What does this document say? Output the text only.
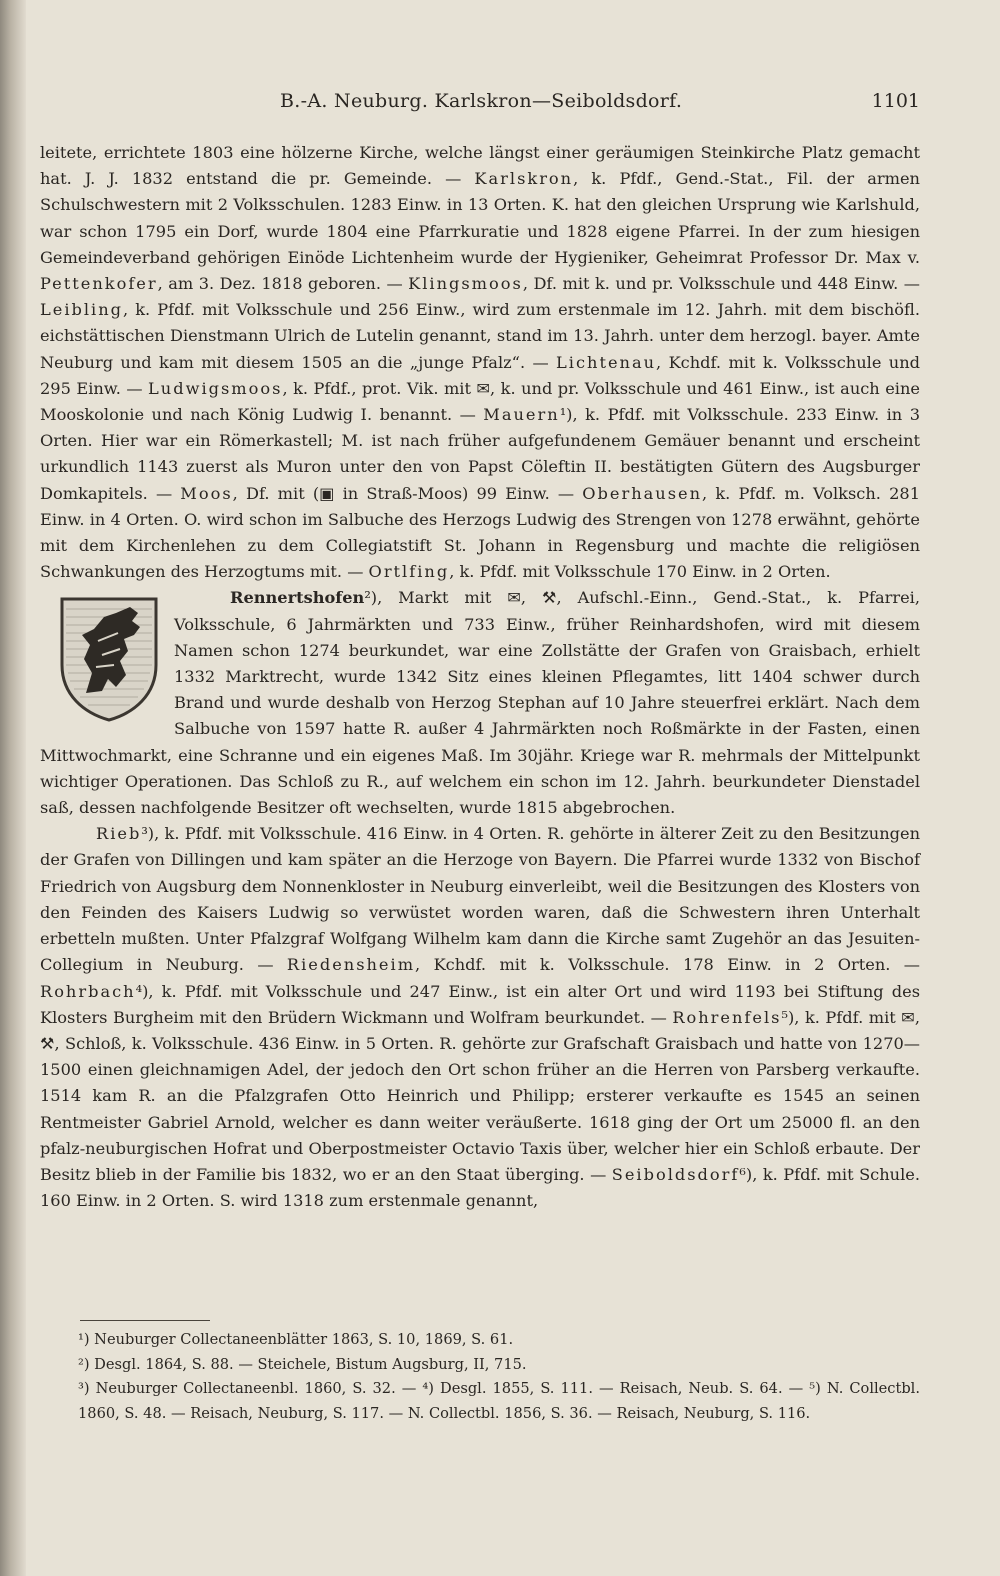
B.-A. Neuburg. Karlskron—Seiboldsdorf.	1101

leitete, errichtete 1803 eine hölzerne Kirche, welche längst einer geräumigen Steinkirche Platz gemacht hat. J. J. 1832 entstand die pr. Gemeinde. — Karlskron, k. Pfdf., Gend.-Stat., Fil. der armen Schulschwestern mit 2 Volksschulen. 1283 Einw. in 13 Orten. K. hat den gleichen Ursprung wie Karlshuld, war schon 1795 ein Dorf, wurde 1804 eine Pfarrkuratie und 1828 eigene Pfarrei. In der zum hiesigen Gemeindeverband gehörigen Einöde Lichtenheim wurde der Hygieniker, Geheimrat Professor Dr. Max v. Pettenkofer, am 3. Dez. 1818 geboren. — Klingsmoos, Df. mit k. und pr. Volksschule und 448 Einw. — Leibling, k. Pfdf. mit Volksschule und 256 Einw., wird zum erstenmale im 12. Jahrh. mit dem bischöfl. eichstättischen Dienstmann Ulrich de Lutelin genannt, stand im 13. Jahrh. unter dem herzogl. bayer. Amte Neuburg und kam mit diesem 1505 an die „junge Pfalz“. — Lichtenau, Kchdf. mit k. Volksschule und 295 Einw. — Ludwigsmoos, k. Pfdf., prot. Vik. mit ✉, k. und pr. Volksschule und 461 Einw., ist auch eine Mooskolonie und nach König Ludwig I. benannt. — Mauern¹), k. Pfdf. mit Volksschule. 233 Einw. in 3 Orten. Hier war ein Römerkastell; M. ist nach früher aufgefundenem Gemäuer benannt und erscheint urkundlich 1143 zuerst als Muron unter den von Papst Cöleftin II. bestätigten Gütern des Augsburger Domkapitels. — Moos, Df. mit (▣ in Straß-Moos) 99 Einw. — Oberhausen, k. Pfdf. m. Volksch. 281 Einw. in 4 Orten. O. wird schon im Salbuche des Herzogs Ludwig des Strengen von 1278 erwähnt, gehörte mit dem Kirchenlehen zu dem Collegiatstift St. Johann in Regensburg und machte die religiösen Schwankungen des Herzogtums mit. — Ortlfing, k. Pfdf. mit Volksschule 170 Einw. in 2 Orten.

Rennertshofen²), Markt mit ✉, ⚒, Aufschl.-Einn., Gend.-Stat., k. Pfarrei, Volksschule, 6 Jahrmärkten und 733 Einw., früher Reinhardshofen, wird mit diesem Namen schon 1274 beurkundet, war eine Zollstätte der Grafen von Graisbach, erhielt 1332 Marktrecht, wurde 1342 Sitz eines kleinen Pflegamtes, litt 1404 schwer durch Brand und wurde deshalb von Herzog Stephan auf 10 Jahre steuerfrei erklärt. Nach dem Salbuche von 1597 hatte R. außer 4 Jahrmärkten noch Roßmärkte in der Fasten, einen Mittwochmarkt, eine Schranne und ein eigenes Maß. Im 30jähr. Kriege war R. mehrmals der Mittelpunkt wichtiger Operationen. Das Schloß zu R., auf welchem ein schon im 12. Jahrh. beurkundeter Dienstadel saß, dessen nachfolgende Besitzer oft wechselten, wurde 1815 abgebrochen.

Rieb³), k. Pfdf. mit Volksschule. 416 Einw. in 4 Orten. R. gehörte in älterer Zeit zu den Besitzungen der Grafen von Dillingen und kam später an die Herzoge von Bayern. Die Pfarrei wurde 1332 von Bischof Friedrich von Augsburg dem Nonnenkloster in Neuburg einverleibt, weil die Besitzungen des Klosters von den Feinden des Kaisers Ludwig so verwüstet worden waren, daß die Schwestern ihren Unterhalt erbetteln mußten. Unter Pfalzgraf Wolfgang Wilhelm kam dann die Kirche samt Zugehör an das Jesuiten-Collegium in Neuburg. — Riedensheim, Kchdf. mit k. Volksschule. 178 Einw. in 2 Orten. — Rohrbach⁴), k. Pfdf. mit Volksschule und 247 Einw., ist ein alter Ort und wird 1193 bei Stiftung des Klosters Burgheim mit den Brüdern Wickmann und Wolfram beurkundet. — Rohrenfels⁵), k. Pfdf. mit ✉, ⚒, Schloß, k. Volksschule. 436 Einw. in 5 Orten. R. gehörte zur Grafschaft Graisbach und hatte von 1270—1500 einen gleichnamigen Adel, der jedoch den Ort schon früher an die Herren von Parsberg verkaufte. 1514 kam R. an die Pfalzgrafen Otto Heinrich und Philipp; ersterer verkaufte es 1545 an seinen Rentmeister Gabriel Arnold, welcher es dann weiter veräußerte. 1618 ging der Ort um 25000 fl. an den pfalz-neuburgischen Hofrat und Oberpostmeister Octavio Taxis über, welcher hier ein Schloß erbaute. Der Besitz blieb in der Familie bis 1832, wo er an den Staat überging. — Seiboldsdorf⁶), k. Pfdf. mit Schule. 160 Einw. in 2 Orten. S. wird 1318 zum erstenmale genannt,

¹) Neuburger Collectaneenblätter 1863, S. 10, 1869, S. 61.

²) Desgl. 1864, S. 88. — Steichele, Bistum Augsburg, II, 715.

³) Neuburger Collectaneenbl. 1860, S. 32. — ⁴) Desgl. 1855, S. 111. — Reisach, Neub. S. 64. — ⁵) N. Collectbl. 1860, S. 48. — Reisach, Neuburg, S. 117. — N. Collectbl. 1856, S. 36. — Reisach, Neuburg, S. 116.
